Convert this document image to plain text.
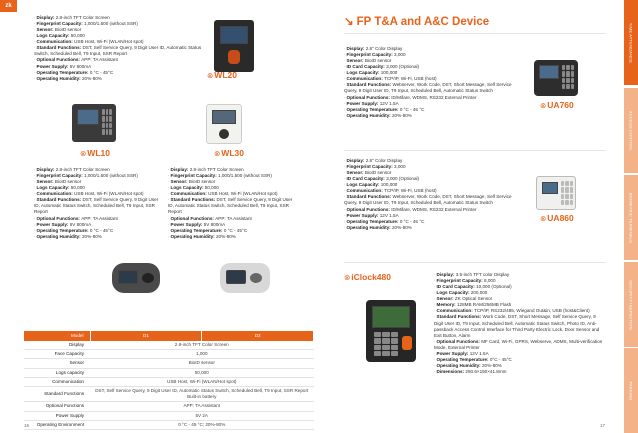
zk
·Display: 2.8-inch TFT Color Screen
·Fingerprint Capacity: 1,000/1,500 (without SSR)
·Sensor: BioID sensor
·Logs Capacity: 50,000
·Communication: USB Host, Wi-Fi (WLAN/Hot spot)
·Standard Functions: DST, Self Service Query, 9 Digit User ID, Automatic Status Switch, Scheduled Bell, T9 Input, SSR Report
·Optional Functions: APP: TA Assistant
·Power Supply: 5V 800mA
·Operating Temperature: 0 °C - 45°C
·Operating Humidity: 20%-80%	⊗WL20
⊗WL10	⊗WL30
·Display: 2.8-inch TFT Color Screen
·Fingerprint Capacity: 1,000/1,500 (without SSR)
·Sensor: BioID sensor
·Logs Capacity: 50,000
·Communication: USB Host, Wi-Fi (WLAN/Hot spot)
·Standard Functions: DST, Self Service Query, 9 Digit User ID, Automatic Status Switch, Scheduled Bell, T9 Input, SSR Report
·Optional Functions: APP: TA Assistant
·Power Supply: 5V 800mA
·Operating Temperature: 0 °C - 45°C
·Operating Humidity: 20%-80%
·Display: 2.8-inch TFT Color Screen
·Fingerprint Capacity: 1,000/1,500 (without SSR)
·Sensor: BioID sensor
·Logs Capacity: 50,000
·Communication: USB Host, Wi-Fi (WLAN/Hot spot)
·Standard Functions: DST, Self Service Query, 9 Digit User ID, Automatic Status Switch, Scheduled Bell, T9 Input, SSR Report
·Optional Functions: APP: TA Assistant
·Power Supply: 5V 800mA
·Operating Temperature: 0 °C - 45°C
·Operating Humidity: 20%-80%
Model	D1	D2
Display	2.8-inch TFT Color Screen	
Face Capacity	1,000	
Sensor	BioID sensor	
Logs capacity	50,000	
Communication	USB Host, Wi-Fi (WLAN/Hot spot)	
Standard Functions	DST, Self Service Query, 9 Digit User ID, Automatic Status Switch, Scheduled Bell, T9 Input, SSR Report Built-in battery	
Optional Functions	APP: TA Assistant	
Power Supply	5V 2A	
Operating Environment	0 °C - 45 °C; 20%-80%	
↘ FP T&A and A&C Device
·Display: 2.8" Color Display
·Fingerprint Capacity: 3,000
·Sensor: BioID sensor
·ID Card Capacity: 3,000 (Optional)
·Logs Capacity: 100,000
·Communication: TCP/IP, Wi-Fi, USB (host)
·Standard Functions: Webserver, Work Code, DST, Short Message, Self Service Query, 9 Digit User ID, T9 Input, Scheduled Bell, Automatic Status Switch
·Optional Functions: ID/Mifare, WDMS, RS232 External Printer
·Power Supply: 12V 1.5A
·Operating Temperature: 0 °C - 45 °C
·Operating Humidity: 20%-80%
⊗UA760
·Display: 2.8" Color Display
·Fingerprint Capacity: 3,000
·Sensor: BioID sensor
·ID Card Capacity: 3,000 (Optional)
·Logs Capacity: 100,000
·Communication: TCP/IP, Wi-Fi, USB (host)
·Standard Functions: Webserver, Work Code, DST, Short Message, Self Service Query, 9 Digit User ID, T9 Input, Scheduled Bell, Automatic Status Switch
·Optional Functions: ID/Mifare, WDMS, RS232 External Printer
·Power Supply: 12V 1.5A
·Operating Temperature: 0 °C - 45 °C
·Operating Humidity: 20%-80%
⊗UA860
⊗iClock480	·Display: 3.5-inch TFT color Display
·Fingerprint Capacity: 8,000
·ID Card Capacity: 10,000 (Optional)
·Logs Capacity: 200,000
·Sensor: ZK Optical Sensor
·Memory: 128MB RAM/256MB Flash
·Communication: TCP/IP, RS232/485, Wiegand Out&in, USB (host&Client)
·Standard Functions: Work Code, DST, Short Message, Self Service Query, 9 Digit User ID, T9 Input, Scheduled Bell, Automatic Status Switch, Photo ID, Anti-passback Access Control Interface for Third Party Electric Lock, Door Sensor and Exit Button, Alarm
·Optional Functions: MF Card, Wi-Fi, GPRS, Webserve, ADMS, Multi-verification Mode, External Printer
·Power Supply: 12V 1.5A
·Operating Temperature: 0°C - 45°C
·Operating Humidity: 20%-80%
·Dimensions: 250.6×150×41.8mm
TIME ATTENDANCE
ACCESS CONTROL
BIOMETRIC TERMINALS
SECURITY INSPECTION
PARKING
16	17
